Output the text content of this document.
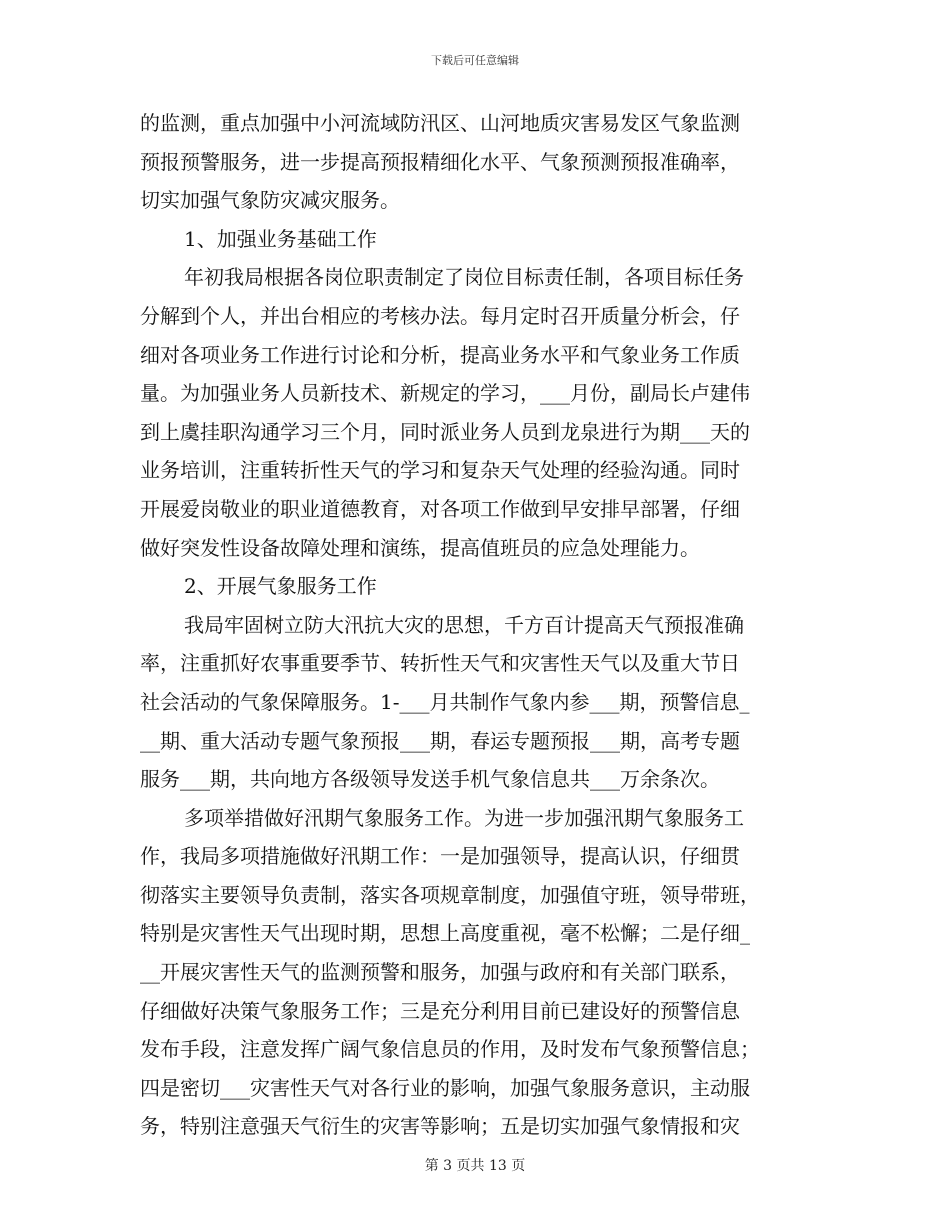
下载后可任意编辑
的监测，重点加强中小河流域防汛区、山河地质灾害易发区气象监测
预报预警服务，进一步提高预报精细化水平、气象预测预报准确率，
切实加强气象防灾减灾服务。
1、加强业务基础工作
年初我局根据各岗位职责制定了岗位目标责任制，各项目标任务
分解到个人，并出台相应的考核办法。每月定时召开质量分析会，仔
细对各项业务工作进行讨论和分析，提高业务水平和气象业务工作质
量。为加强业务人员新技术、新规定的学习，___月份，副局长卢建伟
到上虞挂职沟通学习三个月，同时派业务人员到龙泉进行为期___天的
业务培训，注重转折性天气的学习和复杂天气处理的经验沟通。同时
开展爱岗敬业的职业道德教育，对各项工作做到早安排早部署，仔细
做好突发性设备故障处理和演练，提高值班员的应急处理能力。
2、开展气象服务工作
我局牢固树立防大汛抗大灾的思想，千方百计提高天气预报准确
率，注重抓好农事重要季节、转折性天气和灾害性天气以及重大节日
社会活动的气象保障服务。1-___月共制作气象内参___期，预警信息_
__期、重大活动专题气象预报___期，春运专题预报___期，高考专题
服务___期，共向地方各级领导发送手机气象信息共___万余条次。
多项举措做好汛期气象服务工作。为进一步加强汛期气象服务工
作，我局多项措施做好汛期工作：一是加强领导，提高认识，仔细贯
彻落实主要领导负责制，落实各项规章制度，加强值守班，领导带班，
特别是灾害性天气出现时期，思想上高度重视，毫不松懈；二是仔细_
__开展灾害性天气的监测预警和服务，加强与政府和有关部门联系，
仔细做好决策气象服务工作；三是充分利用目前已建设好的预警信息
发布手段，注意发挥广阔气象信息员的作用，及时发布气象预警信息；
四是密切___灾害性天气对各行业的影响，加强气象服务意识，主动服
务，特别注意强天气衍生的灾害等影响；五是切实加强气象情报和灾
第 3 页共 13 页
